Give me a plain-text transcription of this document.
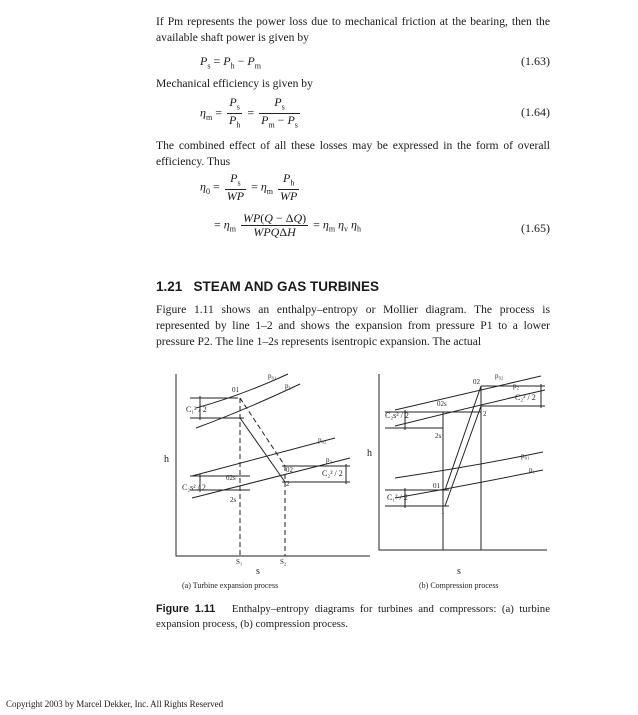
If Pm represents the power loss due to mechanical friction at the bearing, then the available shaft power is given by
$P_s = P_h - P_m$	(1.63)
Mechanical efficiency is given by
$\eta_m = \frac{P_s}{P_h} = \frac{P_s}{P_m - P_s}$	(1.64)
The combined effect of all these losses may be expressed in the form of overall efficiency. Thus
$\eta_0 = \frac{P_s}{WP} = \eta_m \frac{P_h}{WP}$
= $\eta_m \frac{WP(Q - \Delta Q)}{\text{WPQΔH}} = \eta_m$ $\eta_v$ $\eta_h$	(1.65)
1.21 STEAM AND GAS TURBINES
Figure 1.11 shows an enthalpy–entropy or Mollier diagram. The process is represented by line 1–2 and shows the expansion from pressure P1 to a lower pressure P2. The line 1–2s represents isentropic expansion. The actual
h
s
p₀₁
p₁
01
C₁² / 2
p₀₂
p₂
02
2
C₂² / 2
02s
C₂s² / 2
2s
S₁	S₂
(a) Turbine expansion process
h
s
p₀₂
02	p₂
C₂² / 2
02s
C₂s² / 2	2
2s
p₀₁
p₁
01
C₁² / 2
1
(b) Compression process
Figure 1.11 Enthalpy–entropy diagrams for turbines and compressors: (a) turbine expansion process, (b) compression process.
Copyright 2003 by Marcel Dekker, Inc. All Rights Reserved
